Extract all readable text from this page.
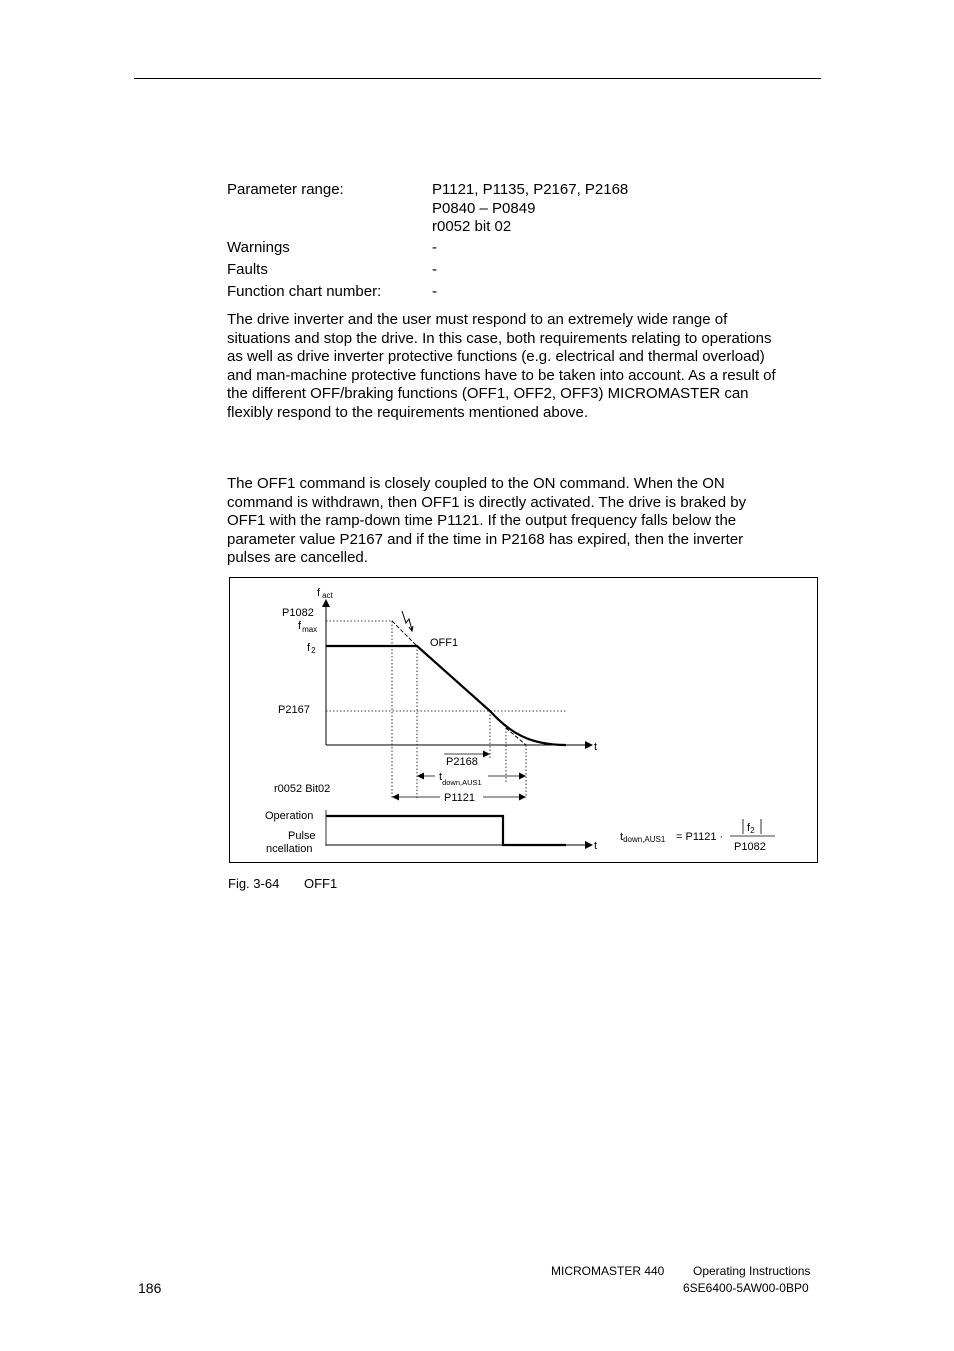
Parameter range:	P1121, P1135, P2167, P2168
P0840 – P0849
r0052 bit 02
Warnings	-
Faults	-
Function chart number:	-
The drive inverter and the user must respond to an extremely wide range of
situations and stop the drive. In this case, both requirements relating to operations
as well as drive inverter protective functions (e.g. electrical and thermal overload)
and man-machine protective functions have to be taken into account. As a result of
the different OFF/braking functions (OFF1, OFF2, OFF3) MICROMASTER can
flexibly respond to the requirements mentioned above.
The OFF1 command is closely coupled to the ON command. When the ON
command is withdrawn, then OFF1 is directly activated. The drive is braked by
OFF1 with the ramp-down time P1121. If the output frequency falls below the
parameter value P2167 and if the time in P2168 has expired, then the inverter
pulses are cancelled.
f act
P1082
$f_{max}$
f2
OFF1
P2167
t
P2168
$t_{down,AUS1}$
P1121
r0052 Bit02
t
Operation
Pulse
ncellation
tdown,AUS1 = P1121 ·
f2
P1082
Fig. 3-64 OFF1
MICROMASTER 440 Operating Instructions
186	6SE6400-5AW00-0BP0
